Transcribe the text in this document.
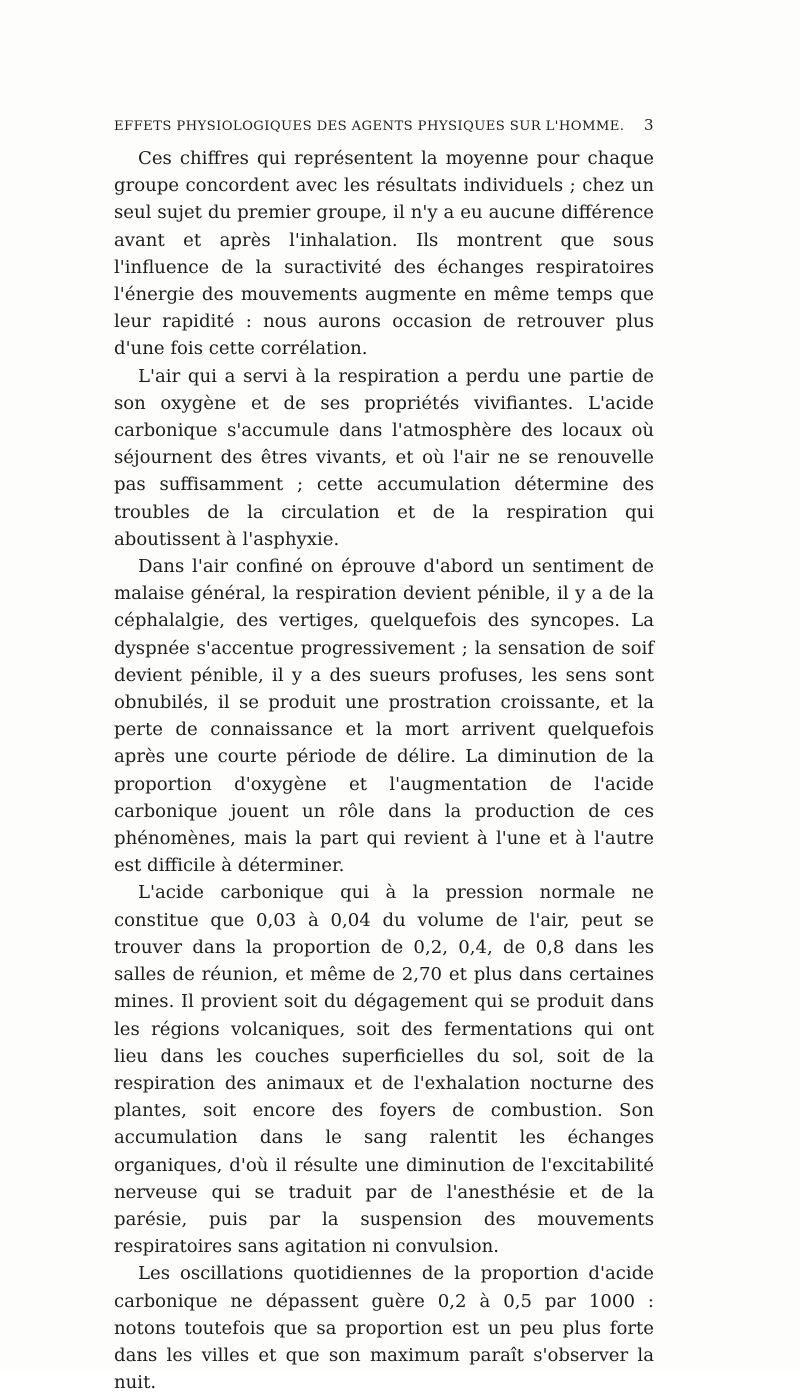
EFFETS PHYSIOLOGIQUES DES AGENTS PHYSIQUES SUR L'HOMME. 3

Ces chiffres qui représentent la moyenne pour chaque groupe concordent avec les résultats individuels ; chez un seul sujet du premier groupe, il n'y a eu aucune différence avant et après l'inhalation. Ils montrent que sous l'influence de la suractivité des échanges respiratoires l'énergie des mouvements augmente en même temps que leur rapidité : nous aurons occasion de retrouver plus d'une fois cette corrélation.

L'air qui a servi à la respiration a perdu une partie de son oxygène et de ses propriétés vivifiantes. L'acide carbonique s'accumule dans l'atmosphère des locaux où séjournent des êtres vivants, et où l'air ne se renouvelle pas suffisamment ; cette accumulation détermine des troubles de la circulation et de la respiration qui aboutissent à l'asphyxie.

Dans l'air confiné on éprouve d'abord un sentiment de malaise général, la respiration devient pénible, il y a de la céphalalgie, des vertiges, quelquefois des syncopes. La dyspnée s'accentue progressivement ; la sensation de soif devient pénible, il y a des sueurs profuses, les sens sont obnubilés, il se produit une prostration croissante, et la perte de connaissance et la mort arrivent quelquefois après une courte période de délire. La diminution de la proportion d'oxygène et l'augmentation de l'acide carbonique jouent un rôle dans la production de ces phénomènes, mais la part qui revient à l'une et à l'autre est difficile à déterminer.

L'acide carbonique qui à la pression normale ne constitue que 0,03 à 0,04 du volume de l'air, peut se trouver dans la proportion de 0,2, 0,4, de 0,8 dans les salles de réunion, et même de 2,70 et plus dans certaines mines. Il provient soit du dégagement qui se produit dans les régions volcaniques, soit des fermentations qui ont lieu dans les couches superficielles du sol, soit de la respiration des animaux et de l'exhalation nocturne des plantes, soit encore des foyers de combustion. Son accumulation dans le sang ralentit les échanges organiques, d'où il résulte une diminution de l'excitabilité nerveuse qui se traduit par de l'anesthésie et de la parésie, puis par la suspension des mouvements respiratoires sans agitation ni convulsion.

Les oscillations quotidiennes de la proportion d'acide carbonique ne dépassent guère 0,2 à 0,5 par 1000 : notons toutefois que sa proportion est un peu plus forte dans les villes et que son maximum paraît s'observer la nuit.
